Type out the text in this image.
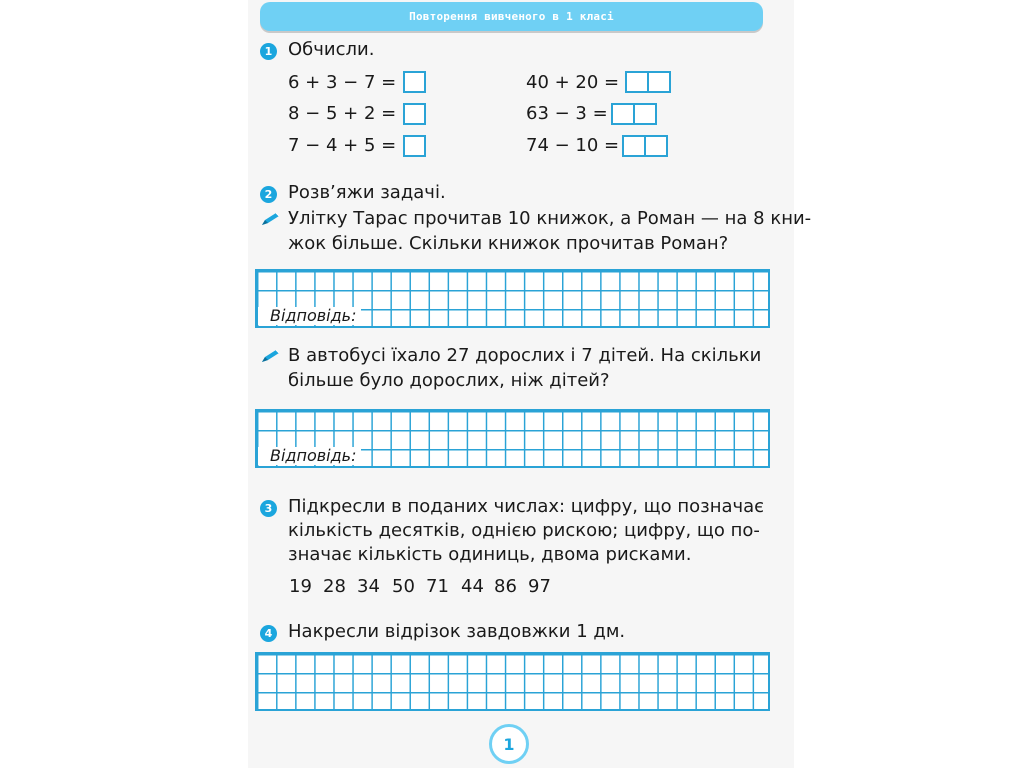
Повторення вивченого в 1 класі
1 Обчисли.
6 + 3 − 7 =
8 − 5 + 2 =
7 − 4 + 5 =
40 + 20 =
63 − 3 =
74 − 10 =
2 Розв’яжи задачі.
Улітку Тарас прочитав 10 книжок, а Роман — на 8 кни-
жок більше. Скільки книжок прочитав Роман?
Відповідь:
В автобусі їхало 27 дорослих і 7 дітей. На скільки
більше було дорослих, ніж дітей?
Відповідь:
3 Підкресли в поданих числах: цифру, що позначає
кількість десятків, однією рискою; цифру, що по-
значає кількість одиниць, двома рисками.
19 28 34 50 71 44 86 97
4 Накресли відрізок завдовжки 1 дм.
1
